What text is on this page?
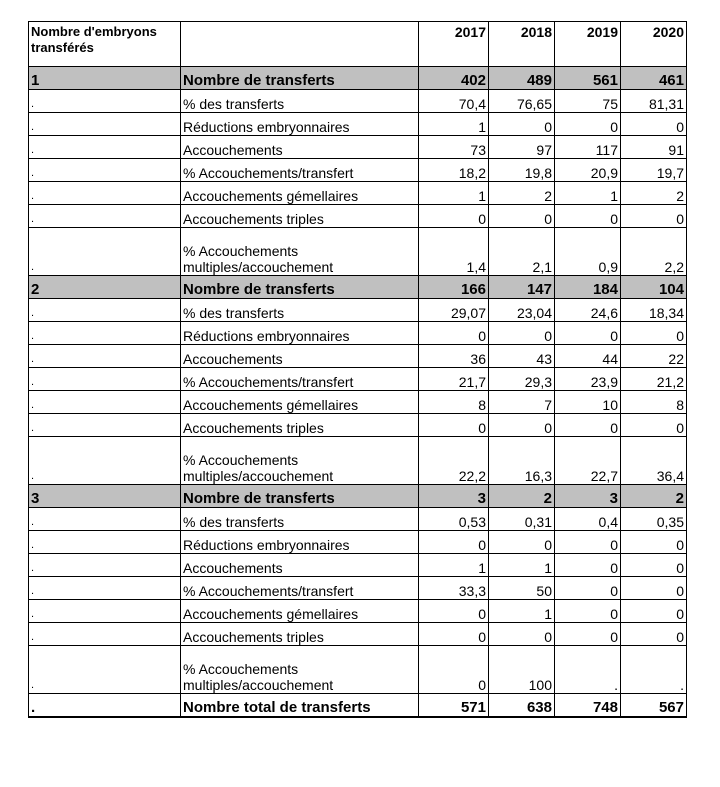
Nombre d'embryons transférés		2017	2018	2019	2020
1	Nombre de transferts	402	489	561	461
.	% des transferts	70,4	76,65	75	81,31
.	Réductions embryonnaires	1	0	0	0
.	Accouchements	73	97	117	91
.	% Accouchements/transfert	18,2	19,8	20,9	19,7
.	Accouchements gémellaires	1	2	1	2
.	Accouchements triples	0	0	0	0
.	% Accouchements multiples/accouchement	1,4	2,1	0,9	2,2
2	Nombre de transferts	166	147	184	104
.	% des transferts	29,07	23,04	24,6	18,34
.	Réductions embryonnaires	0	0	0	0
.	Accouchements	36	43	44	22
.	% Accouchements/transfert	21,7	29,3	23,9	21,2
.	Accouchements gémellaires	8	7	10	8
.	Accouchements triples	0	0	0	0
.	% Accouchements multiples/accouchement	22,2	16,3	22,7	36,4
3	Nombre de transferts	3	2	3	2
.	% des transferts	0,53	0,31	0,4	0,35
.	Réductions embryonnaires	0	0	0	0
.	Accouchements	1	1	0	0
.	% Accouchements/transfert	33,3	50	0	0
.	Accouchements gémellaires	0	1	0	0
.	Accouchements triples	0	0	0	0
.	% Accouchements multiples/accouchement	0	100	.	.
.	Nombre total de transferts	571	638	748	567
